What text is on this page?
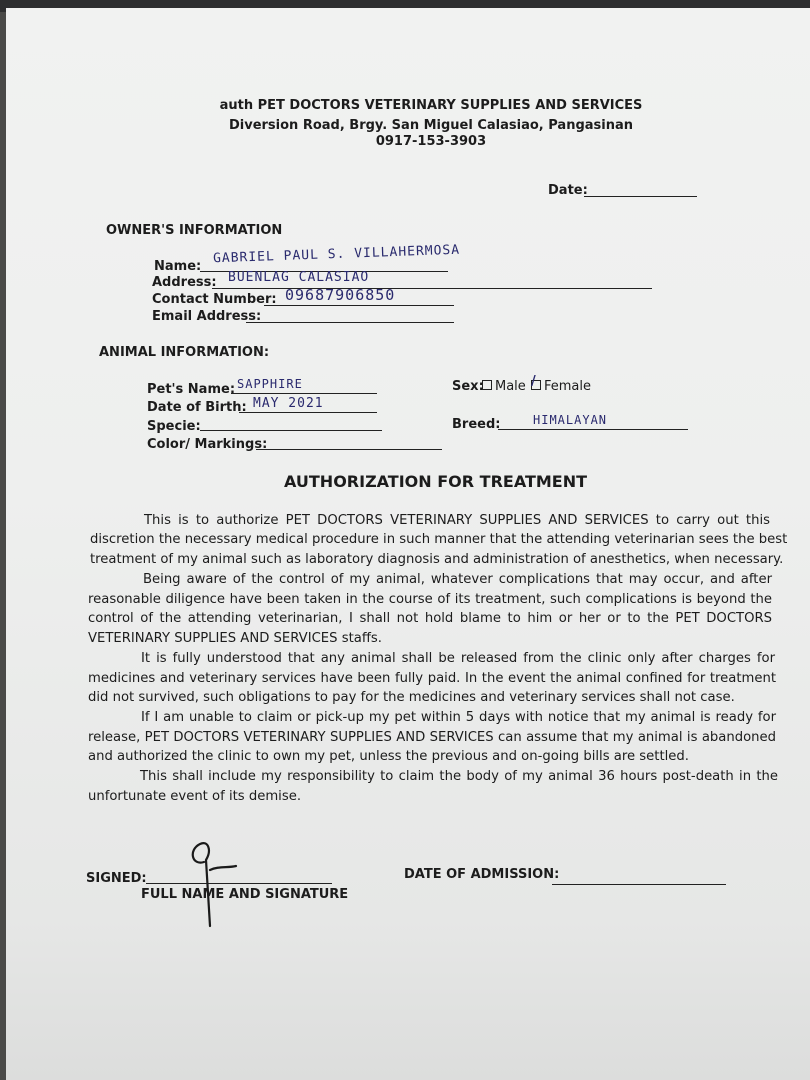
auth PET DOCTORS VETERINARY SUPPLIES AND SERVICES
Diversion Road, Brgy. San Miguel Calasiao, Pangasinan
0917-153-3903
Date:
OWNER'S INFORMATION
Name:
GABRIEL PAUL S. VILLAHERMOSA
Address: BUENLAG CALASIAO
Contact Number: 09687906850
Email Address:
ANIMAL INFORMATION:
Pet's Name: SAPPHIRE
Date of Birth: MAY 2021
Specie:
Color/ Markings:
Sex: Male / Female
Breed:	HIMALAYAN
AUTHORIZATION FOR TREATMENT
This is to authorize PET DOCTORS VETERINARY SUPPLIES AND SERVICES to carry out this
discretion the necessary medical procedure in such manner that the attending veterinarian sees the best
treatment of my animal such as laboratory diagnosis and administration of anesthetics, when necessary.
Being aware of the control of my animal, whatever complications that may occur, and after
reasonable diligence have been taken in the course of its treatment, such complications is beyond the
control of the attending veterinarian, I shall not hold blame to him or her or to the PET DOCTORS
VETERINARY SUPPLIES AND SERVICES staffs.
It is fully understood that any animal shall be released from the clinic only after charges for
medicines and veterinary services have been fully paid. In the event the animal confined for treatment
did not survived, such obligations to pay for the medicines and veterinary services shall not case.
If I am unable to claim or pick-up my pet within 5 days with notice that my animal is ready for
release, PET DOCTORS VETERINARY SUPPLIES AND SERVICES can assume that my animal is abandoned
and authorized the clinic to own my pet, unless the previous and on-going bills are settled.
This shall include my responsibility to claim the body of my animal 36 hours post-death in the
unfortunate event of its demise.
SIGNED:
FULL NAME AND SIGNATURE
DATE OF ADMISSION:
